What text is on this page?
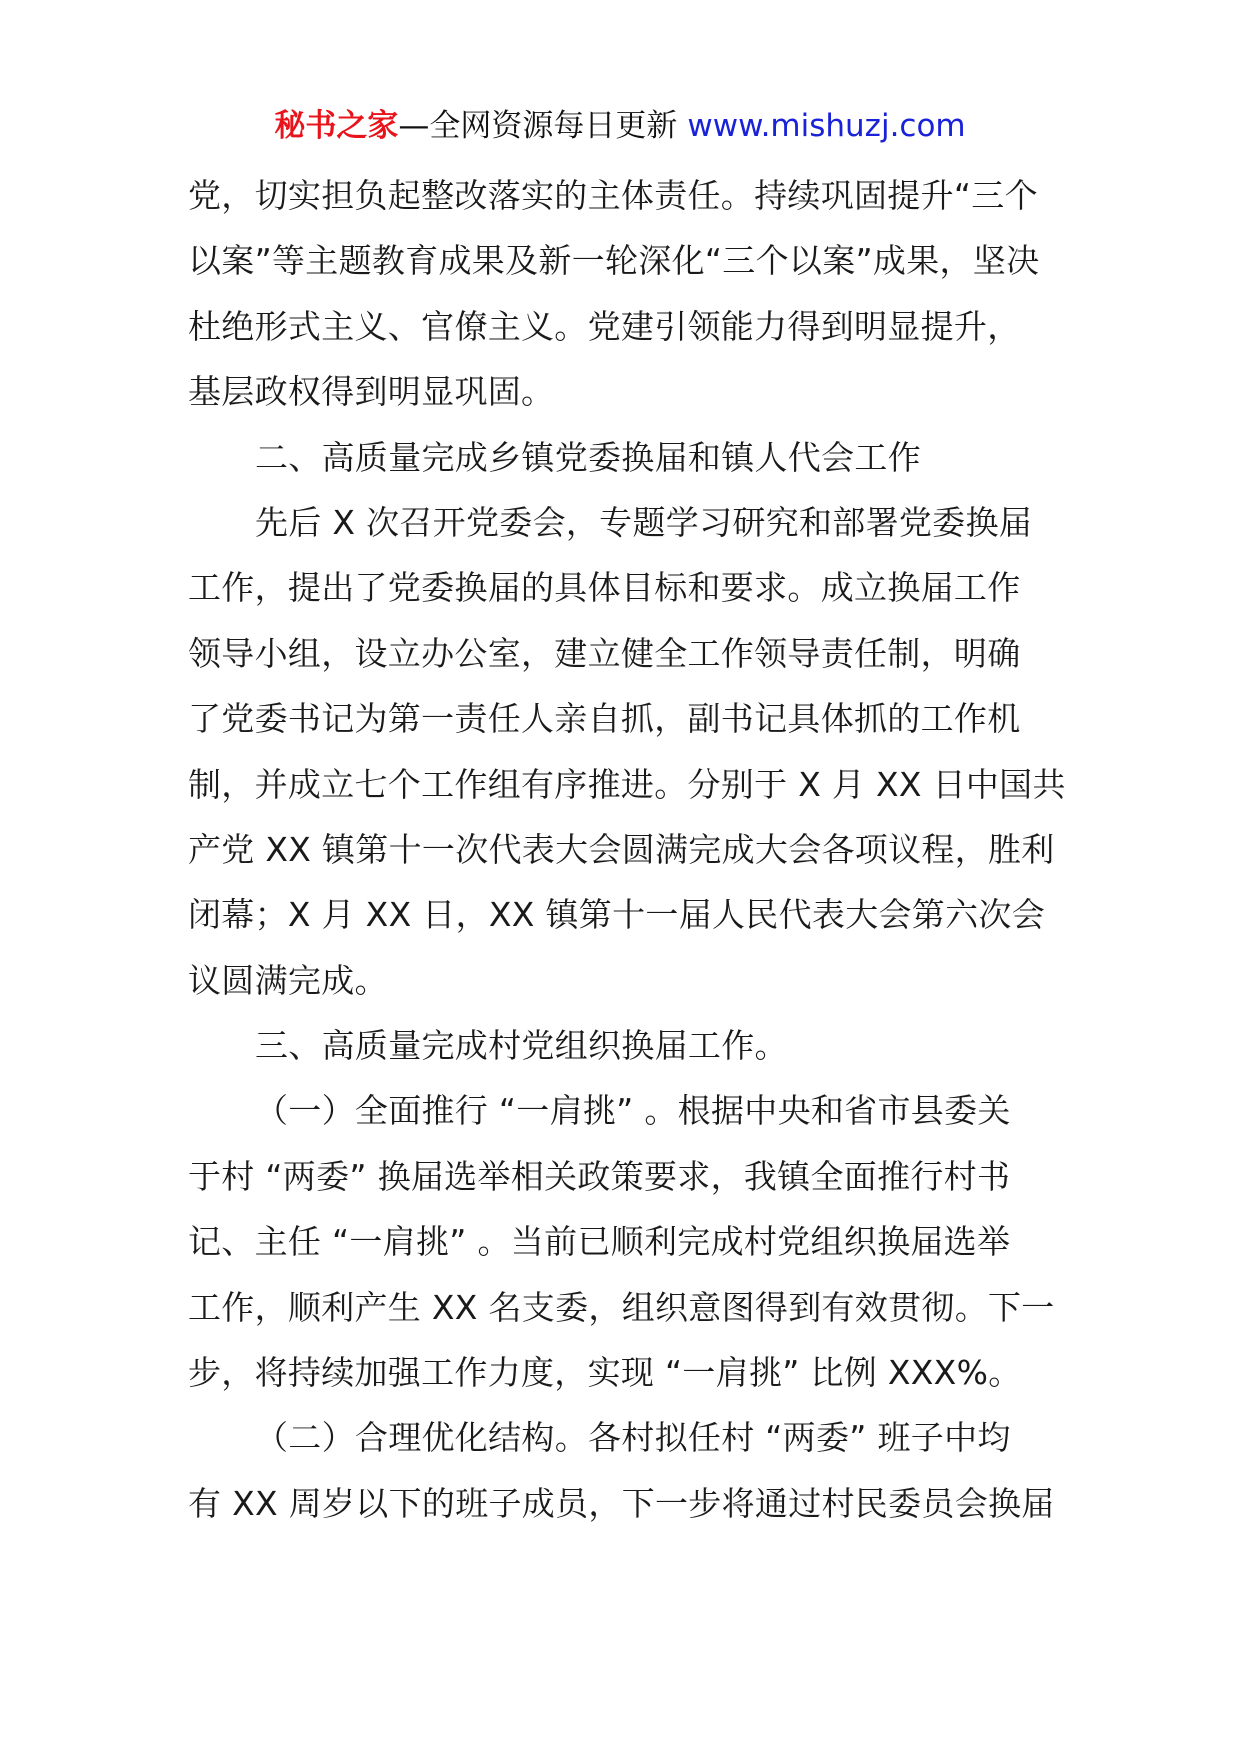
秘书之家—全网资源每日更新 www.mishuzj.com
党，切实担负起整改落实的主体责任。持续巩固提升“三个
以案”等主题教育成果及新一轮深化“三个以案”成果，坚决
杜绝形式主义、官僚主义。党建引领能力得到明显提升，
基层政权得到明显巩固。
二、高质量完成乡镇党委换届和镇人代会工作
先后 X 次召开党委会，专题学习研究和部署党委换届
工作，提出了党委换届的具体目标和要求。成立换届工作
领导小组，设立办公室，建立健全工作领导责任制，明确
了党委书记为第一责任人亲自抓，副书记具体抓的工作机
制，并成立七个工作组有序推进。分别于 X 月 XX 日中国共
产党 XX 镇第十一次代表大会圆满完成大会各项议程，胜利
闭幕；X 月 XX 日，XX 镇第十一届人民代表大会第六次会
议圆满完成。
三、高质量完成村党组织换届工作。
（一）全面推行 “一肩挑” 。根据中央和省市县委关
于村 “两委” 换届选举相关政策要求，我镇全面推行村书
记、主任 “一肩挑” 。当前已顺利完成村党组织换届选举
工作，顺利产生 XX 名支委，组织意图得到有效贯彻。下一
步，将持续加强工作力度，实现 “一肩挑” 比例 XXX%。
（二）合理优化结构。各村拟任村 “两委” 班子中均
有 XX 周岁以下的班子成员，下一步将通过村民委员会换届
